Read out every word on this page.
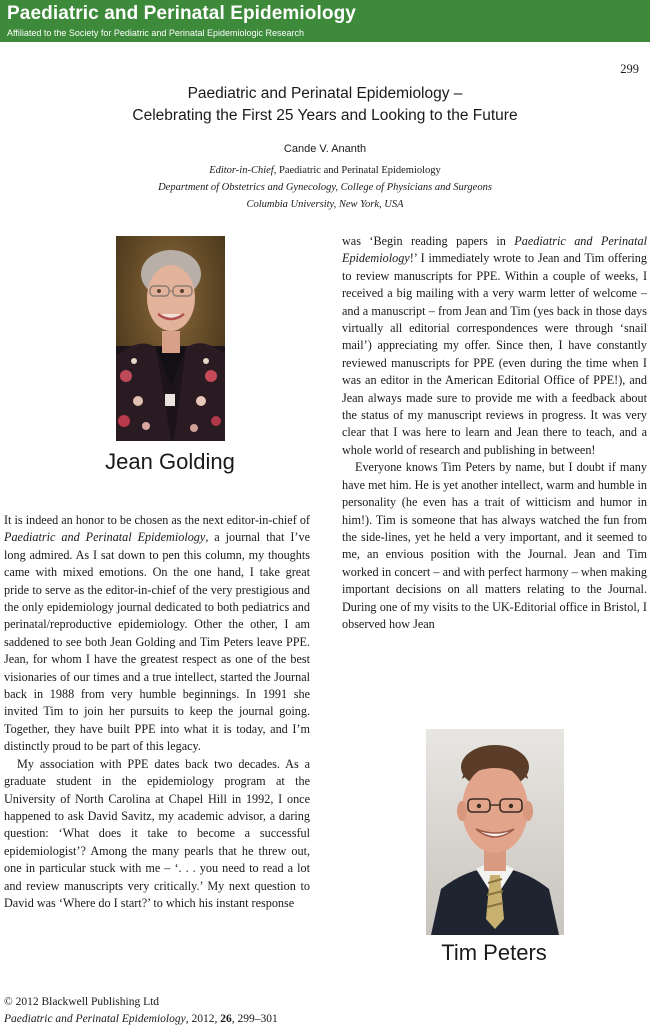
Paediatric and Perinatal Epidemiology
Affiliated to the Society for Pediatric and Perinatal Epidemiologic Research
299
Paediatric and Perinatal Epidemiology –
Celebrating the First 25 Years and Looking to the Future
Cande V. Ananth
Editor-in-Chief, Paediatric and Perinatal Epidemiology
Department of Obstetrics and Gynecology, College of Physicians and Surgeons
Columbia University, New York, USA
Jean Golding
Tim Peters

It is indeed an honor to be chosen as the next editor-in-chief of Paediatric and Perinatal Epidemiology, a journal that I’ve long admired. As I sat down to pen this column, my thoughts came with mixed emotions. On the one hand, I take great pride to serve as the editor-in-chief of the very prestigious and the only epidemiology journal dedicated to both pediatrics and perinatal/reproductive epidemiology. Other the other, I am saddened to see both Jean Golding and Tim Peters leave PPE. Jean, for whom I have the greatest respect as one of the best visionaries of our times and a true intellect, started the Journal back in 1988 from very humble beginnings. In 1991 she invited Tim to join her pursuits to keep the journal going. Together, they have built PPE into what it is today, and I’m distinctly proud to be part of this legacy.

My association with PPE dates back two decades. As a graduate student in the epidemiology program at the University of North Carolina at Chapel Hill in 1992, I once happened to ask David Savitz, my academic advisor, a daring question: ‘What does it take to become a successful epidemiologist’? Among the many pearls that he threw out, one in particular stuck with me – ‘. . . you need to read a lot and review manuscripts very critically.’ My next question to David was ‘Where do I start?’ to which his instant response

was ‘Begin reading papers in Paediatric and Perinatal Epidemiology!’ I immediately wrote to Jean and Tim offering to review manuscripts for PPE. Within a couple of weeks, I received a big mailing with a very warm letter of welcome – and a manuscript – from Jean and Tim (yes back in those days virtually all editorial correspondences were through ‘snail mail’) appreciating my offer. Since then, I have constantly reviewed manuscripts for PPE (even during the time when I was an editor in the American Editorial Office of PPE!), and Jean always made sure to provide me with a feedback about the status of my manuscript reviews in progress. It was very clear that I was here to learn and Jean there to teach, and a whole world of research and publishing in between!

Everyone knows Tim Peters by name, but I doubt if many have met him. He is yet another intellect, warm and humble in personality (he even has a trait of witticism and humor in him!). Tim is someone that has always watched the fun from the side-lines, yet he held a very important, and it seemed to me, an envious position with the Journal. Jean and Tim worked in concert – and with perfect harmony – when making important decisions on all matters relating to the Journal. During one of my visits to the UK-Editorial office in Bristol, I observed how Jean

© 2012 Blackwell Publishing Ltd
Paediatric and Perinatal Epidemiology, 2012, 26, 299–301
